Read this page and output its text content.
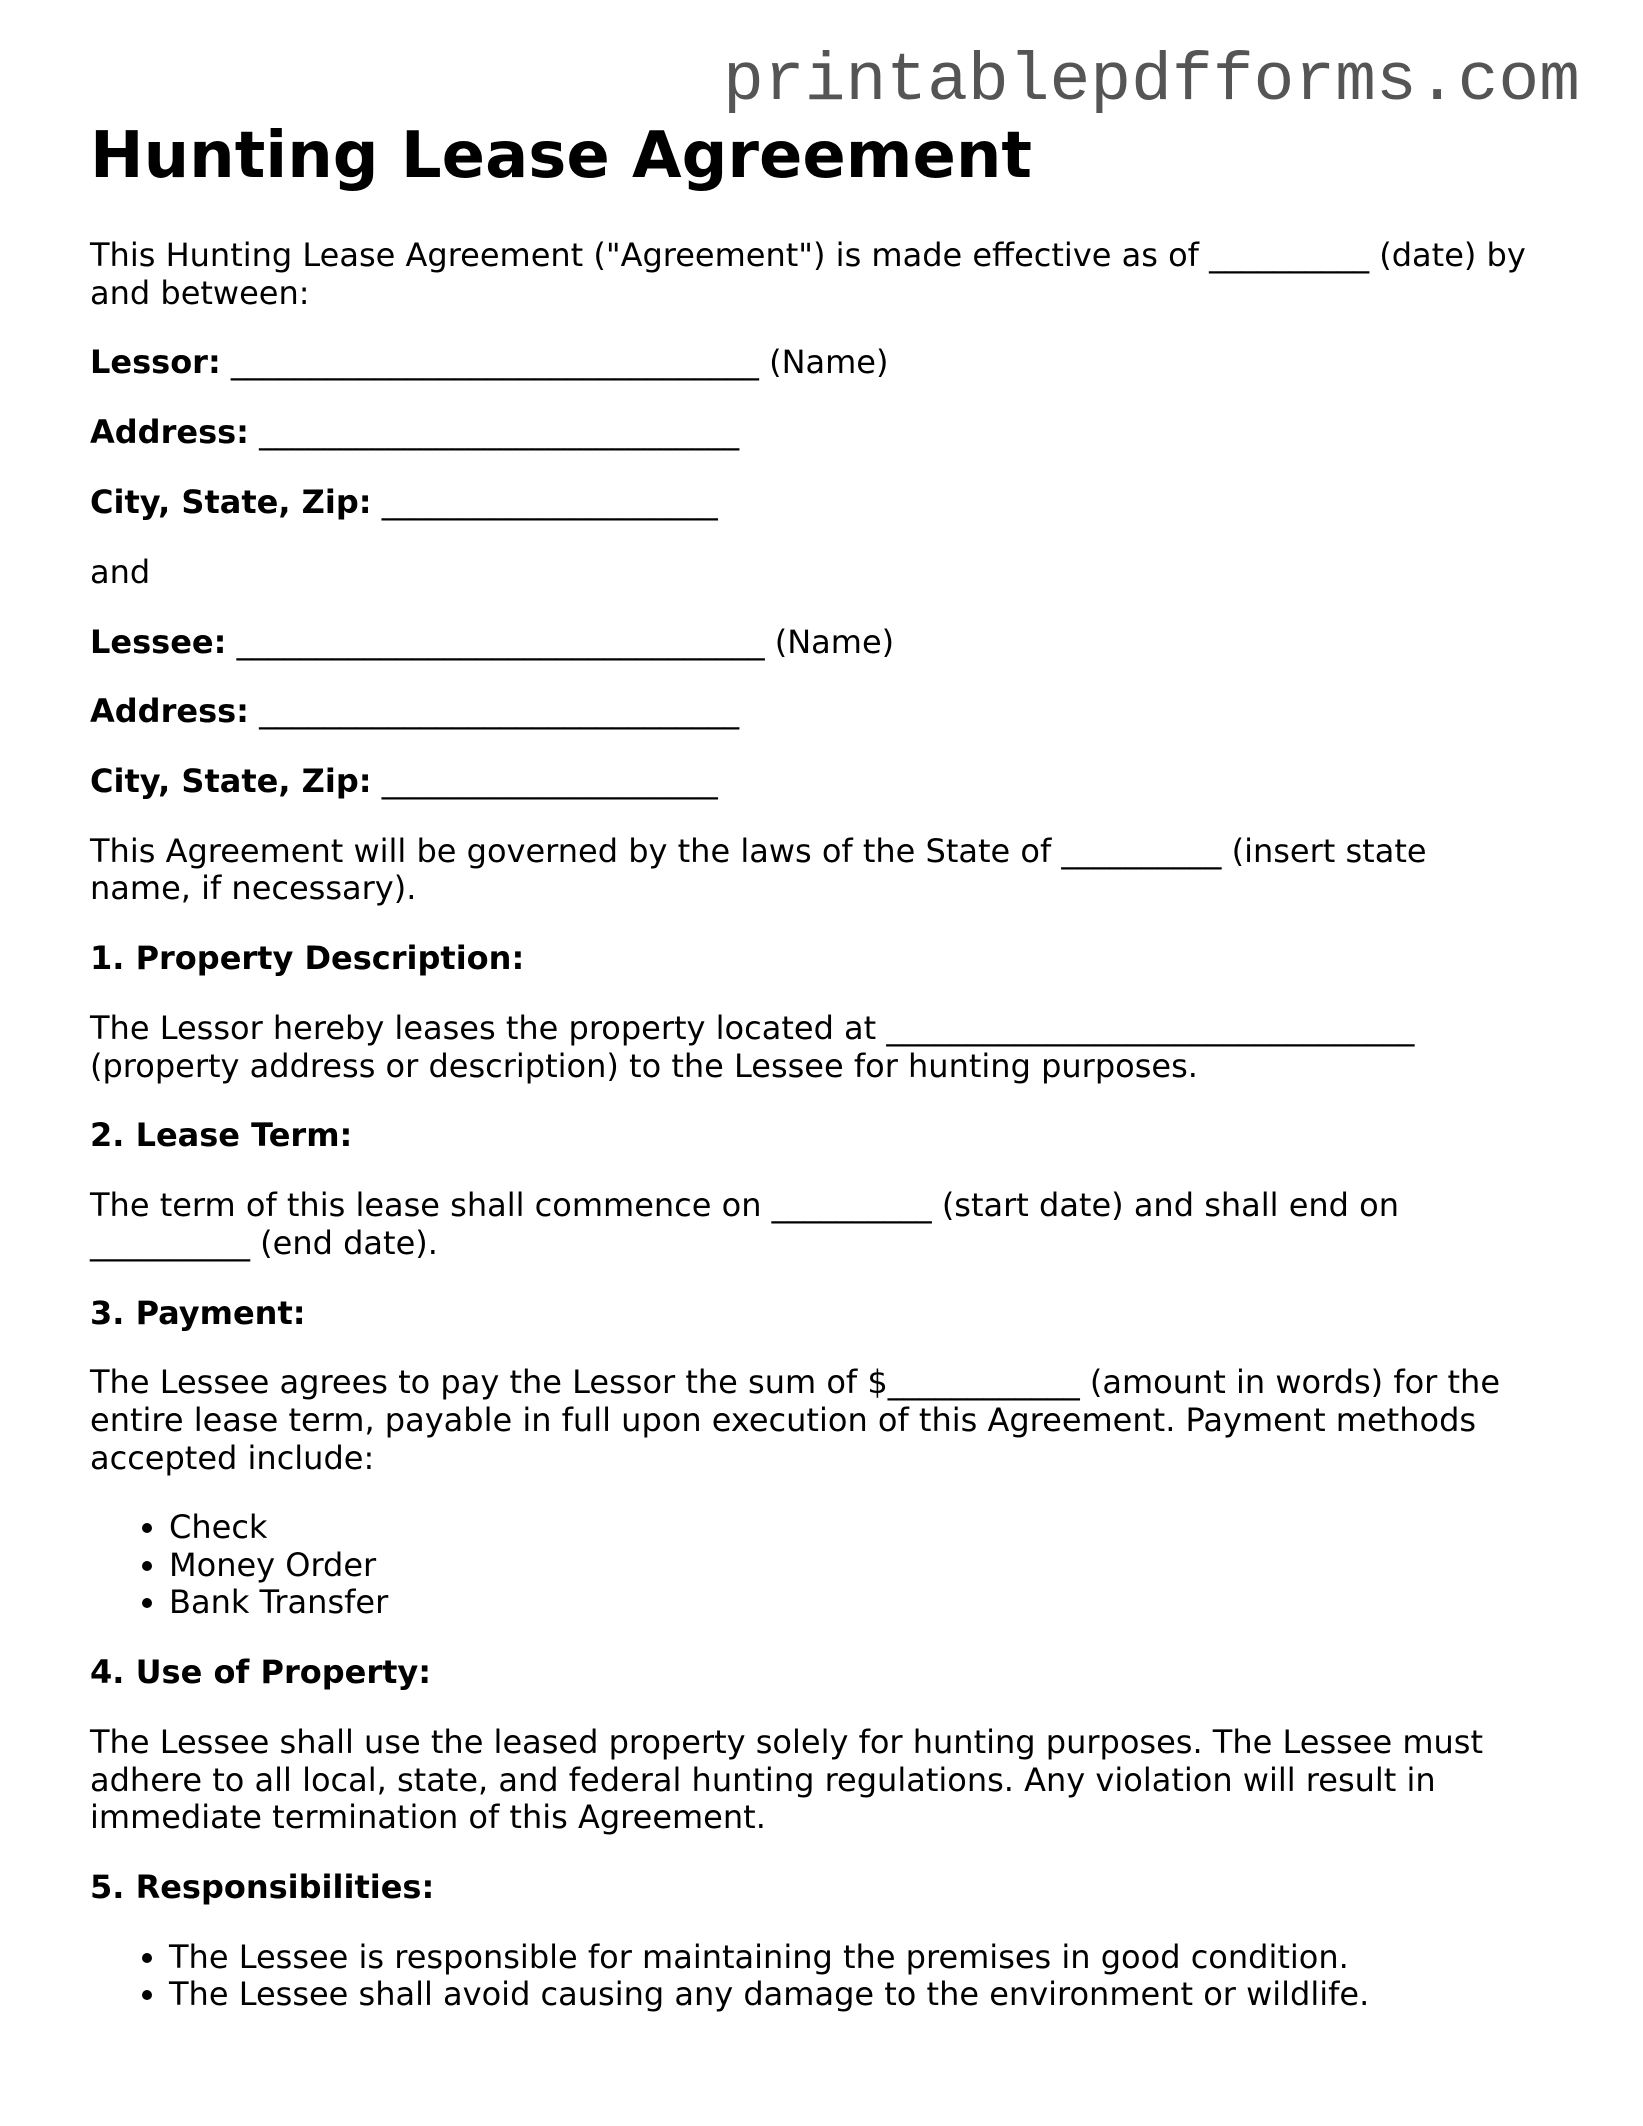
printablepdfforms.com
Hunting Lease Agreement
This Hunting Lease Agreement ("Agreement") is made effective as of __________ (date) by
and between:
Lessor: _________________________________ (Name)
Address: ______________________________
City, State, Zip: _____________________
and
Lessee: _________________________________ (Name)
Address: ______________________________
City, State, Zip: _____________________
This Agreement will be governed by the laws of the State of __________ (insert state
name, if necessary).
1. Property Description:
The Lessor hereby leases the property located at _________________________________
(property address or description) to the Lessee for hunting purposes.
2. Lease Term:
The term of this lease shall commence on __________ (start date) and shall end on
__________ (end date).
3. Payment:
The Lessee agrees to pay the Lessor the sum of $____________ (amount in words) for the
entire lease term, payable in full upon execution of this Agreement. Payment methods
accepted include:
• Check
• Money Order
• Bank Transfer
4. Use of Property:
The Lessee shall use the leased property solely for hunting purposes. The Lessee must
adhere to all local, state, and federal hunting regulations. Any violation will result in
immediate termination of this Agreement.
5. Responsibilities:
• The Lessee is responsible for maintaining the premises in good condition.
• The Lessee shall avoid causing any damage to the environment or wildlife.
